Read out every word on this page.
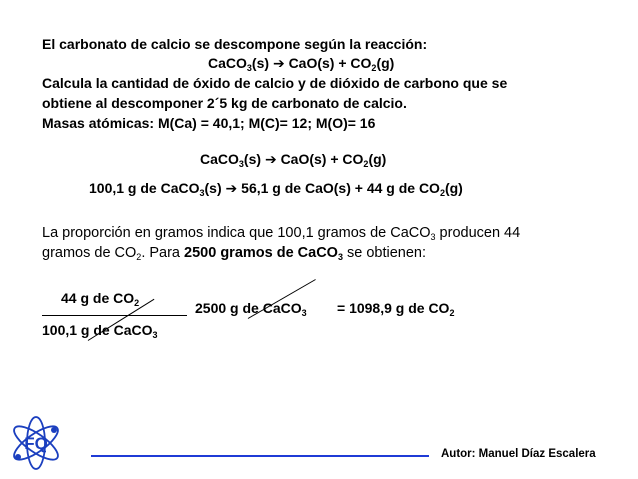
El carbonato de calcio se descompone según la reacción:
CaCO$_3$(s) ➔ $CaO(s) + CO_2(g)$
Calcula la cantidad de óxido de calcio y de dióxido de carbono que se
obtiene al descomponer 2´5 kg de carbonato de calcio.
Masas atómicas: M(Ca) = 40,1; M(C)= 12; M(O)= 16
CaCO$_3$(s) ➔ $CaO(s) + CO_2(g)$
100,1 g de CaCO$_3$(s) ➔ 56,1 g de CaO(s) + 44 g de $CO_2(g)$
La proporción en gramos indica que 100,1 gramos de CaCO$_3$ producen 44
gramos de $CO_2$. Para 2500 gramos de CaCO$_3$ se obtienen:
44 g de $CO_2$
100,1 g de CaCO$_3$
2500 g de CaCO$_3$ = 1098,9 g de $CO_2$
FQ
Autor: Manuel Díaz Escalera
